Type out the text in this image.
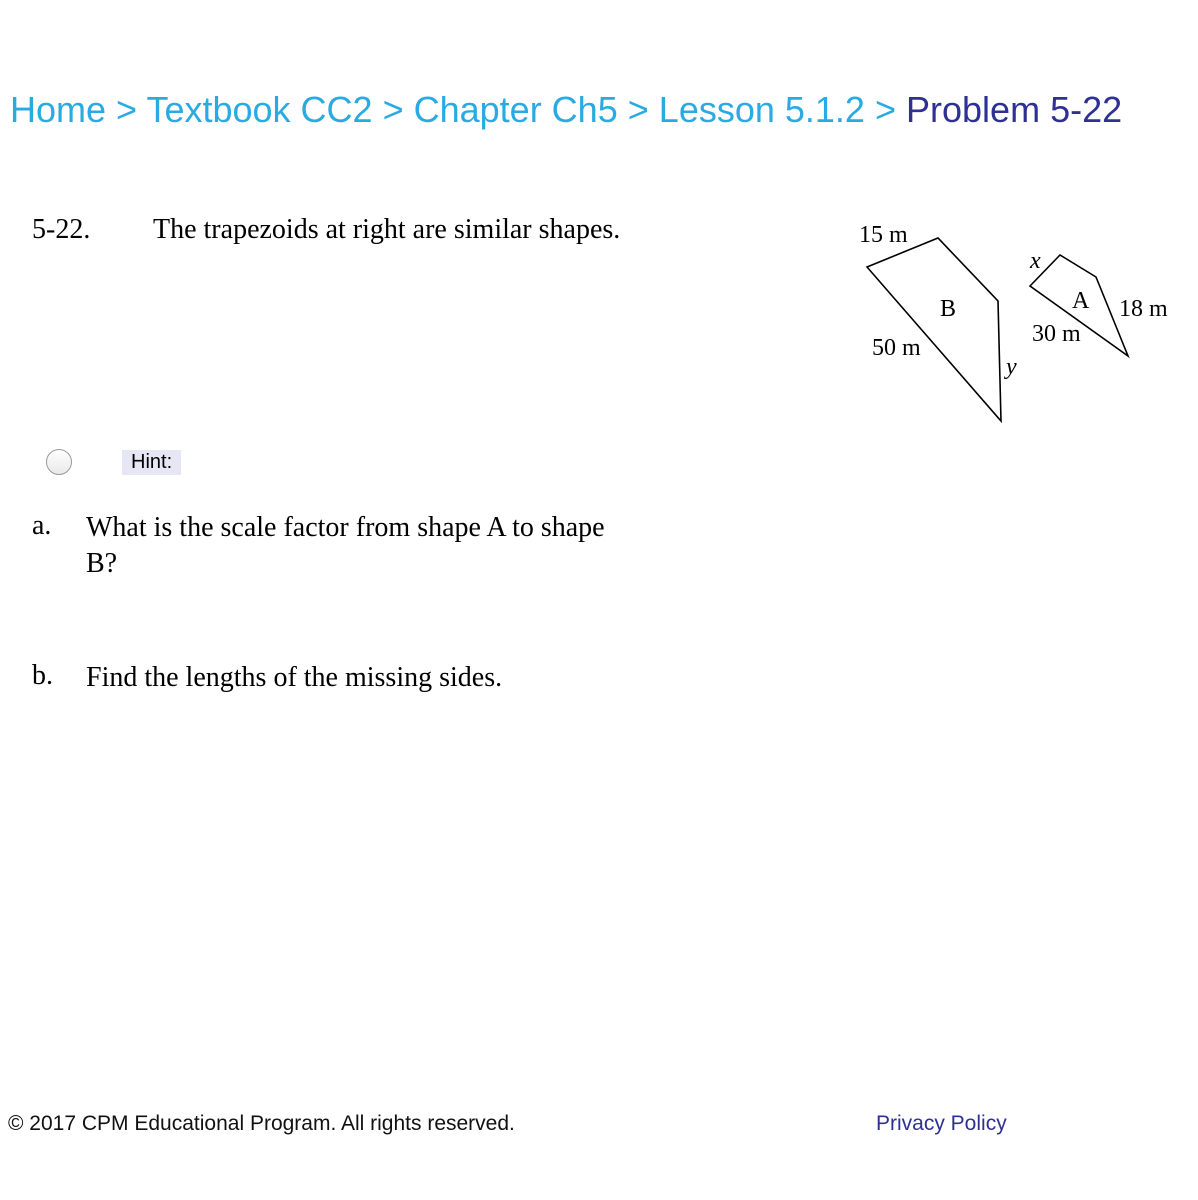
Home > Textbook CC2 > Chapter Ch5 > Lesson 5.1.2 > Problem 5-22
5-22. The trapezoids at right are similar shapes.	15 m
B
50 m
y
x
A 18 m
30 m
Hint:
a. What is the scale factor from shape A to shape B?
b. Find the lengths of the missing sides.
© 2017 CPM Educational Program. All rights reserved.	Privacy Policy
